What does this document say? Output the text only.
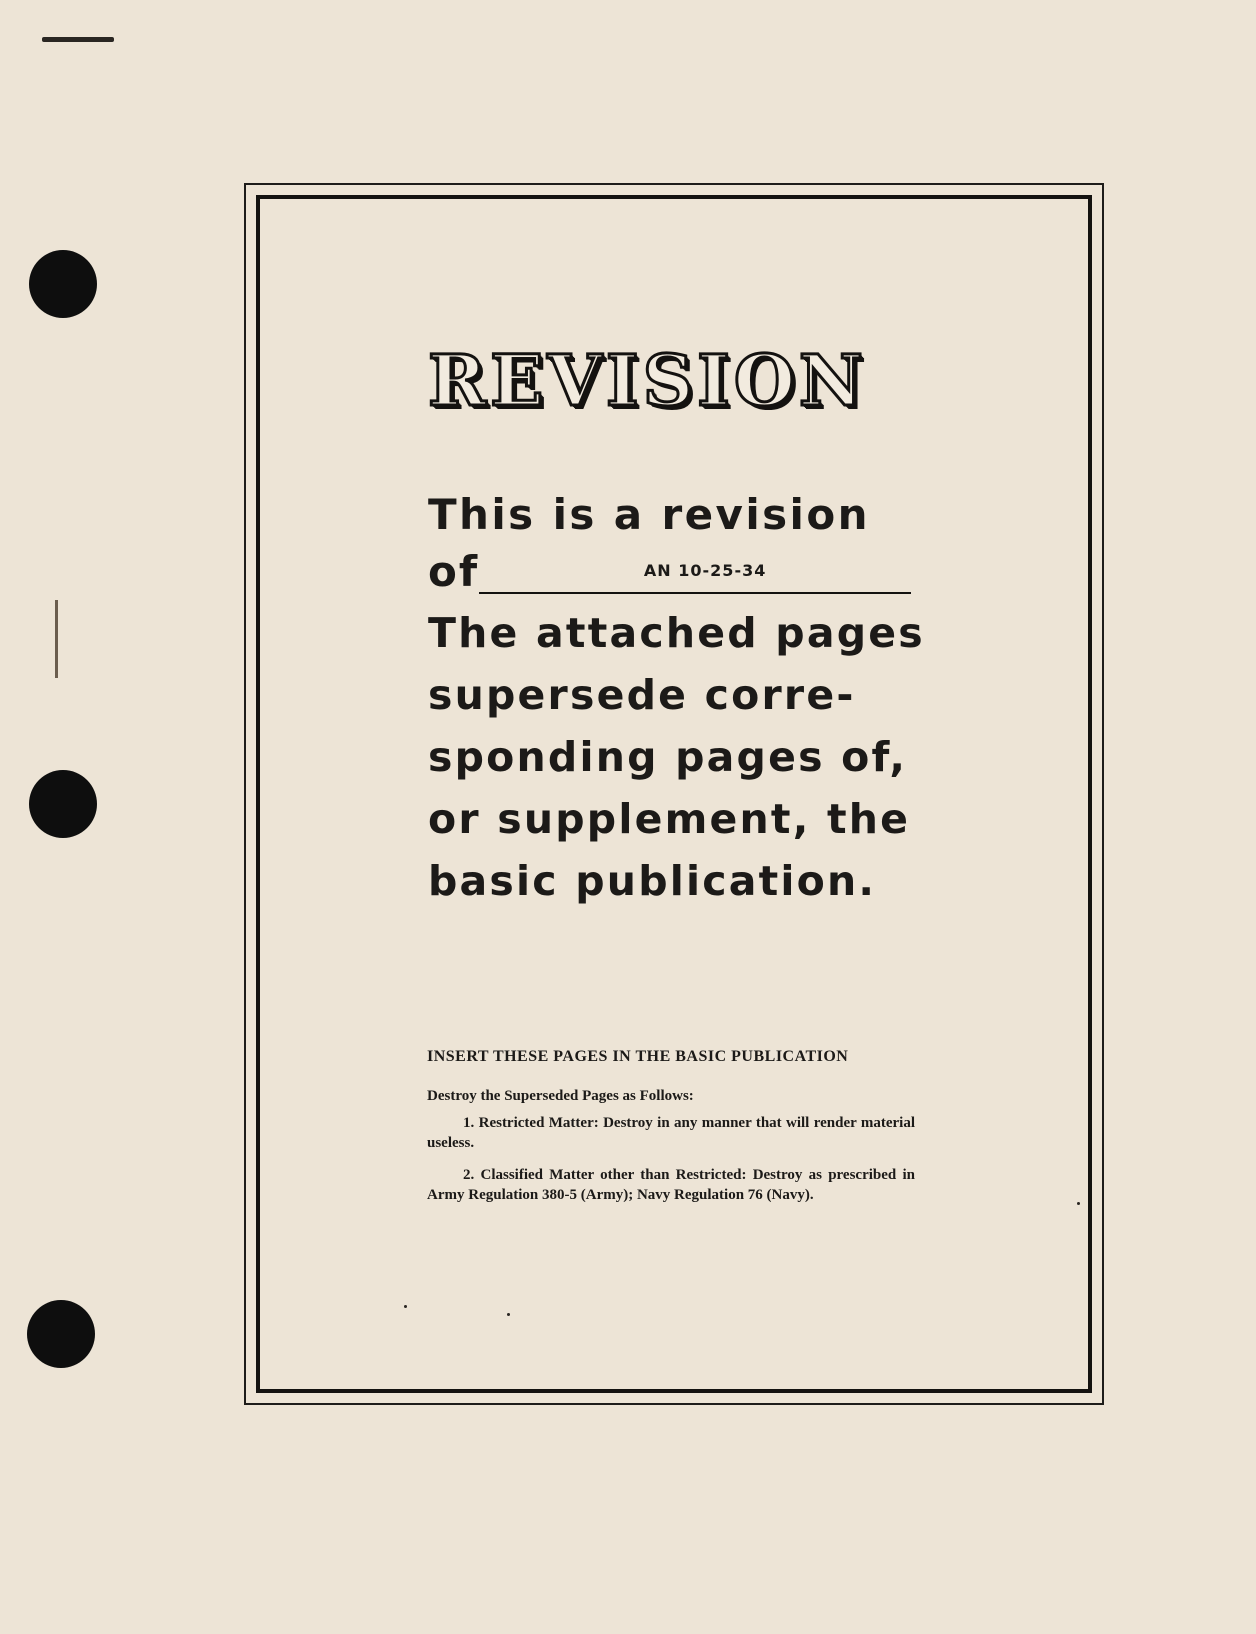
REVISION
This is a revision
of	AN 10-25-34
The attached pages
supersede corre-
sponding pages of,
or supplement, the
basic publication.
INSERT THESE PAGES IN THE BASIC PUBLICATION
Destroy the Superseded Pages as Follows:
1. Restricted Matter: Destroy in any manner that will render material useless.
2. Classified Matter other than Restricted: Destroy as prescribed in Army Regulation 380-5 (Army); Navy Regulation 76 (Navy).
